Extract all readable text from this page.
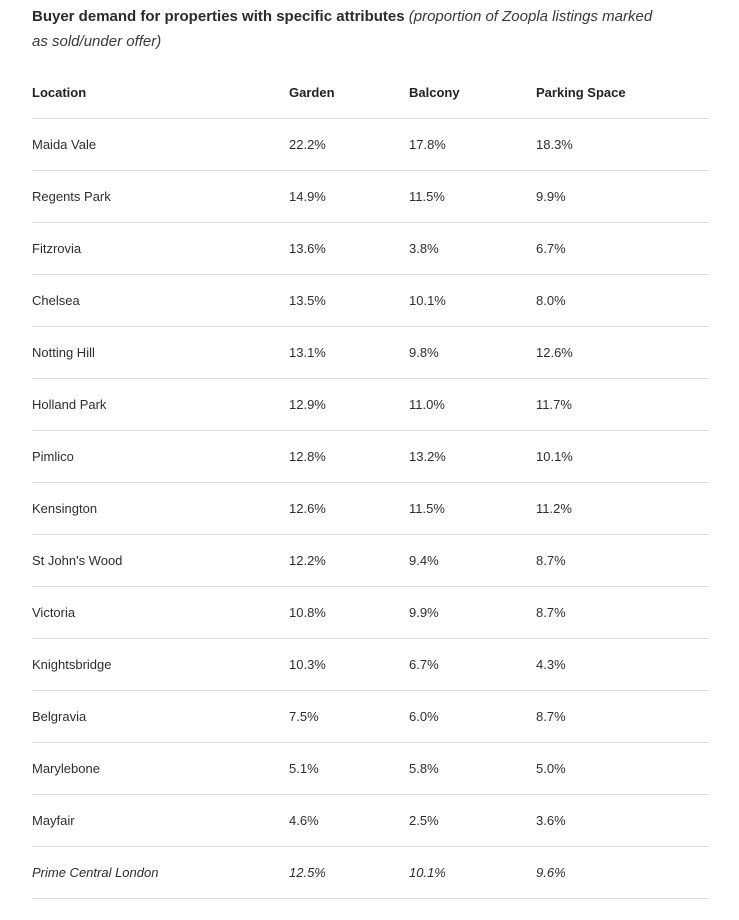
Buyer demand for properties with specific attributes (proportion of Zoopla listings marked as sold/under offer)
Location	Garden	Balcony	Parking Space
Maida Vale	22.2%	17.8%	18.3%
Regents Park	14.9%	11.5%	9.9%
Fitzrovia	13.6%	3.8%	6.7%
Chelsea	13.5%	10.1%	8.0%
Notting Hill	13.1%	9.8%	12.6%
Holland Park	12.9%	11.0%	11.7%
Pimlico	12.8%	13.2%	10.1%
Kensington	12.6%	11.5%	11.2%
St John's Wood	12.2%	9.4%	8.7%
Victoria	10.8%	9.9%	8.7%
Knightsbridge	10.3%	6.7%	4.3%
Belgravia	7.5%	6.0%	8.7%
Marylebone	5.1%	5.8%	5.0%
Mayfair	4.6%	2.5%	3.6%
Prime Central London	12.5%	10.1%	9.6%
